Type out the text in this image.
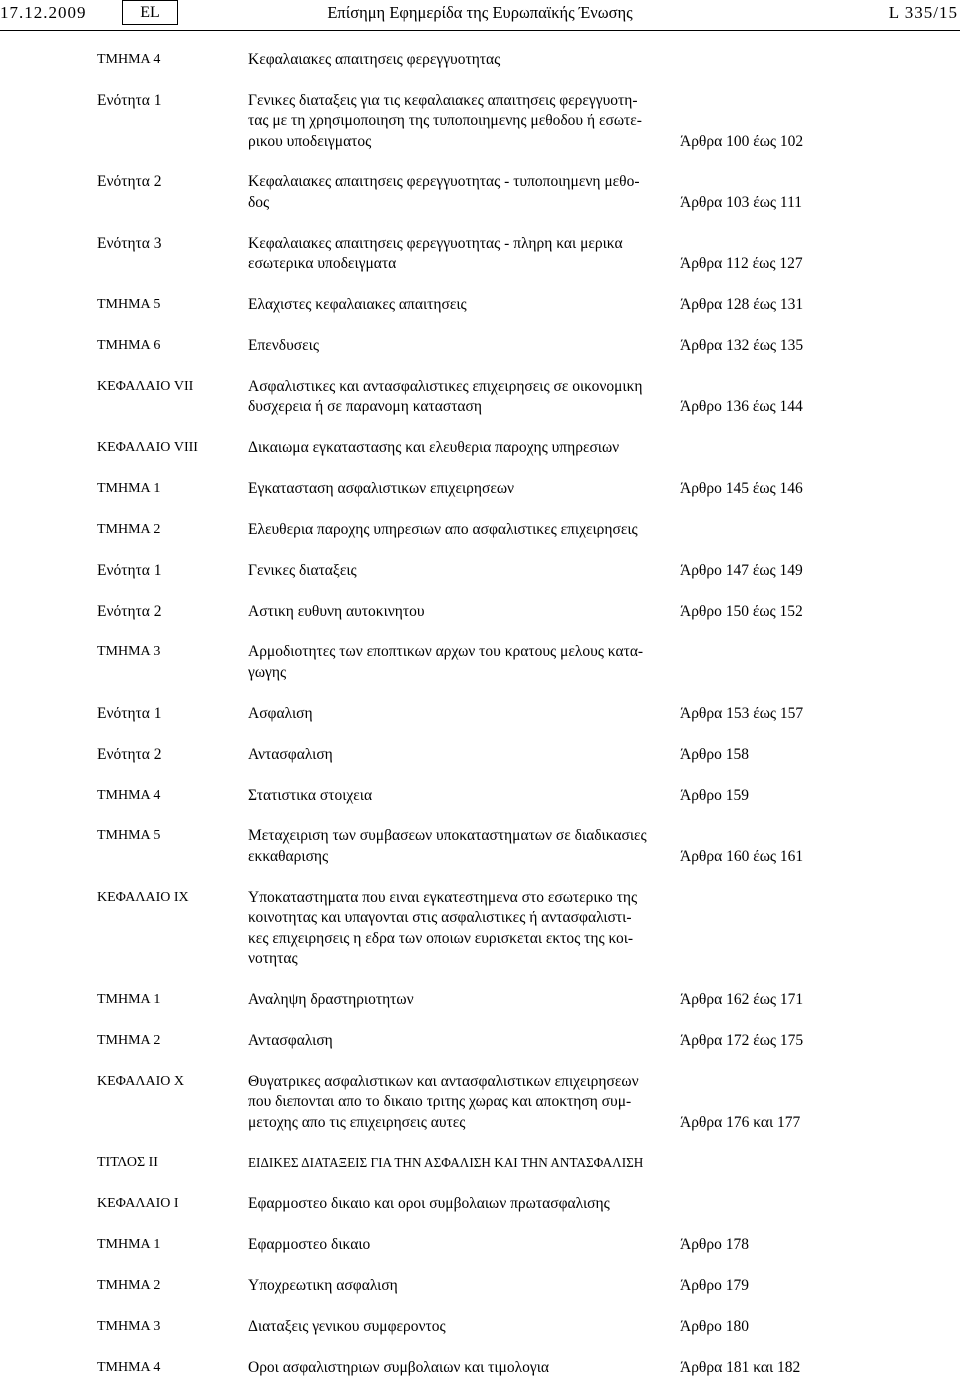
17.12.2009	EL	Επίσημη Εφημερίδα της Ευρωπαϊκής Ένωσης	L 335/15
ΤΜΗΜΑ 4	Κεφαλαιακες απαιτησεις φερεγγυοτητας
Ενότητα 1	Γενικες διαταξεις για τις κεφαλαιακες απαιτησεις φερεγγυοτη-
τας με τη χρησιμοποιηση της τυποποιημενης μεθοδου ή εσωτε-
ρικου υποδειγματος	Άρθρα 100 έως 102
Ενότητα 2	Κεφαλαιακες απαιτησεις φερεγγυοτητας - τυποποιημενη μεθο-
δος	Άρθρα 103 έως 111
Ενότητα 3	Κεφαλαιακες απαιτησεις φερεγγυοτητας - πληρη και μερικα
εσωτερικα υποδειγματα	Άρθρα 112 έως 127
ΤΜΗΜΑ 5	Ελαχιστες κεφαλαιακες απαιτησεις	Άρθρα 128 έως 131
ΤΜΗΜΑ 6	Επενδυσεις	Άρθρα 132 έως 135
ΚΕΦΑΛΑΙΟ VII	Ασφαλιστικες και αντασφαλιστικες επιχειρησεις σε οικονομικη
δυσχερεια ή σε παρανομη κατασταση	Άρθρο 136 έως 144
ΚΕΦΑΛΑΙΟ VIII	Δικαιωμα εγκαταστασης και ελευθερια παροχης υπηρεσιων
ΤΜΗΜΑ 1	Εγκατασταση ασφαλιστικων επιχειρησεων	Άρθρο 145 έως 146
ΤΜΗΜΑ 2	Ελευθερια παροχης υπηρεσιων απο ασφαλιστικες επιχειρησεις
Ενότητα 1	Γενικες διαταξεις	Άρθρο 147 έως 149
Ενότητα 2	Αστικη ευθυνη αυτοκινητου	Άρθρο 150 έως 152
ΤΜΗΜΑ 3	Αρμοδιοτητες των εποπτικων αρχων του κρατους μελους κατα-
γωγης
Ενότητα 1	Ασφαλιση	Άρθρα 153 έως 157
Ενότητα 2	Αντασφαλιση	Άρθρο 158
ΤΜΗΜΑ 4	Στατιστικα στοιχεια	Άρθρο 159
ΤΜΗΜΑ 5	Μεταχειριση των συμβασεων υποκαταστηματων σε διαδικασιες
εκκαθαρισης	Άρθρα 160 έως 161
ΚΕΦΑΛΑΙΟ IX	Υποκαταστηματα που ειναι εγκατεστημενα στο εσωτερικο της
κοινοτητας και υπαγονται στις ασφαλιστικες ή αντασφαλιστι-
κες επιχειρησεις η εδρα των οποιων ευρισκεται εκτος της κοι-
νοτητας
ΤΜΗΜΑ 1	Αναληψη δραστηριοτητων	Άρθρα 162 έως 171
ΤΜΗΜΑ 2	Αντασφαλιση	Άρθρα 172 έως 175
ΚΕΦΑΛΑΙΟ X	Θυγατρικες ασφαλιστικων και αντασφαλιστικων επιχειρησεων
που διεπονται απο το δικαιο τριτης χωρας και αποκτηση συμ-
μετοχης απο τις επιχειρησεις αυτες	Άρθρα 176 και 177
ΤΙΤΛΟΣ II	ΕΙΔΙΚΕΣ ΔΙΑΤΑΞΕΙΣ ΓΙΑ ΤΗΝ ΑΣΦΑΛΙΣΗ ΚΑΙ ΤΗΝ ΑΝΤΑΣΦΑΛΙΣΗ
ΚΕΦΑΛΑΙΟ I	Εφαρμοστεο δικαιο και οροι συμβολαιων πρωτασφαλισης
ΤΜΗΜΑ 1	Εφαρμοστεο δικαιο	Άρθρο 178
ΤΜΗΜΑ 2	Υποχρεωτικη ασφαλιση	Άρθρο 179
ΤΜΗΜΑ 3	Διαταξεις γενικου συμφεροντος	Άρθρο 180
ΤΜΗΜΑ 4	Οροι ασφαλιστηριων συμβολαιων και τιμολογια	Άρθρα 181 και 182
